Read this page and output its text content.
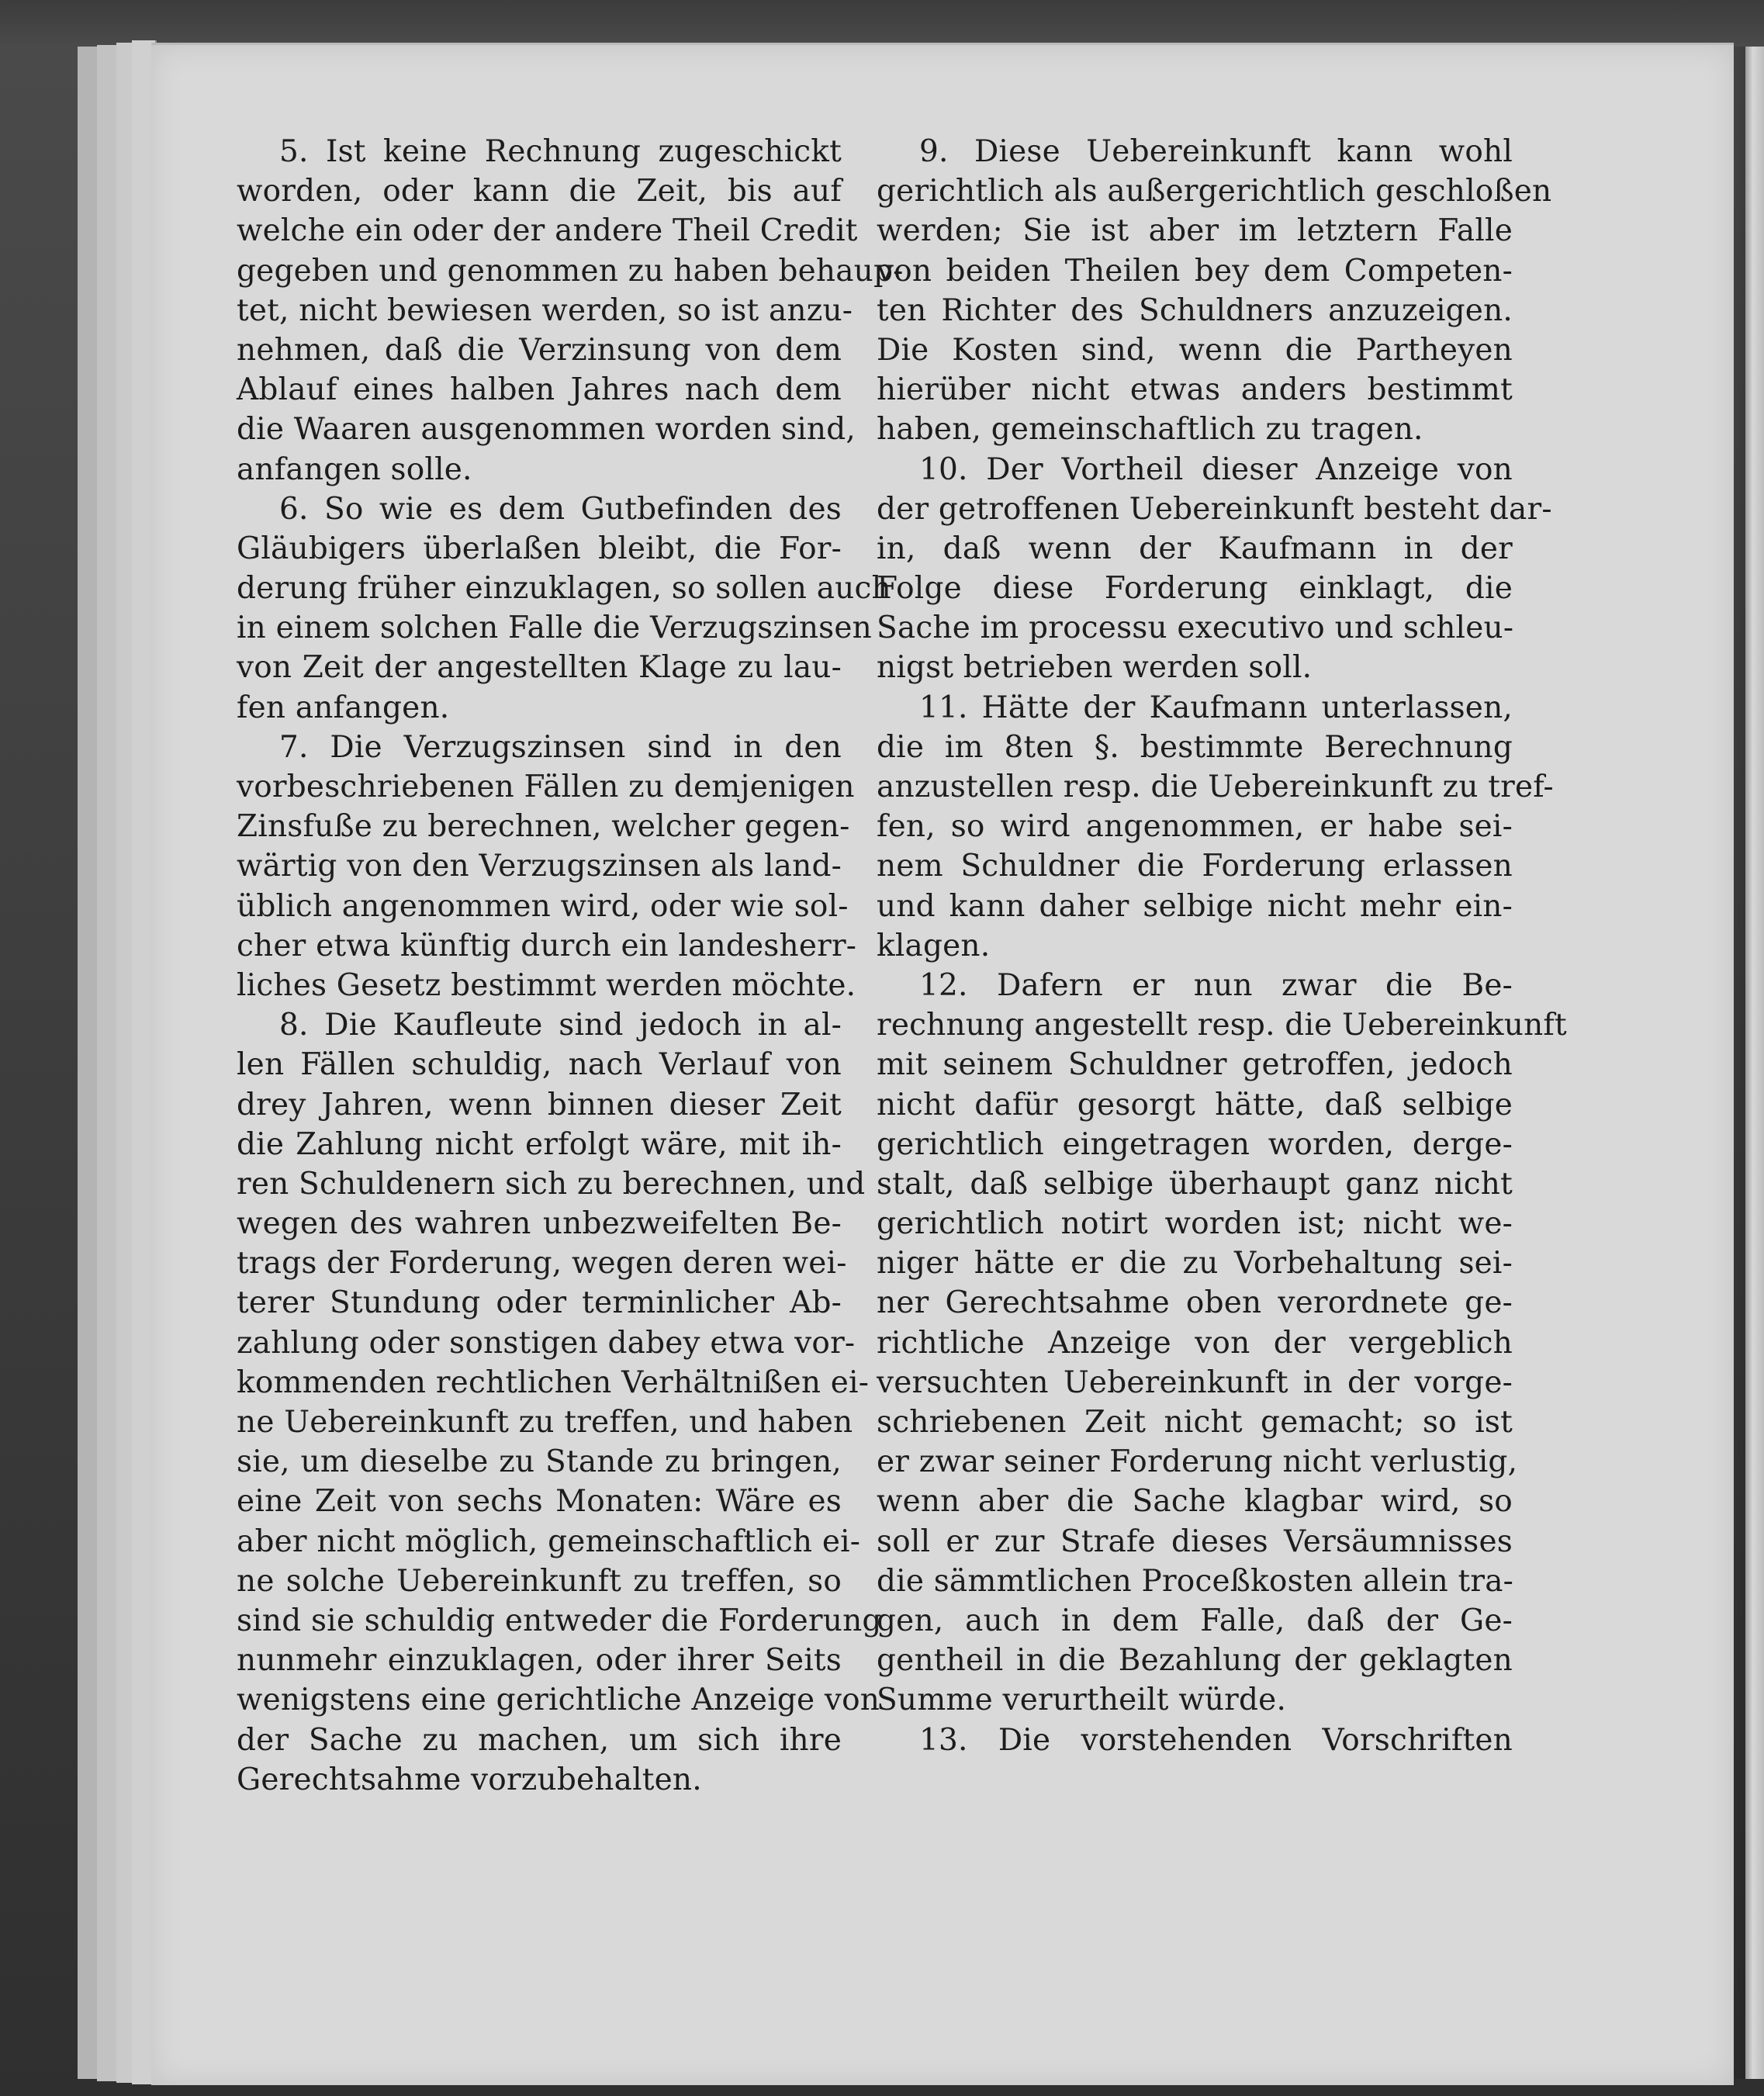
5. Ist keine Rechnung zugeschickt
worden, oder kann die Zeit, bis auf
welche ein oder der andere Theil Credit
gegeben und genommen zu haben behaup-
tet, nicht bewiesen werden, so ist anzu-
nehmen, daß die Verzinsung von dem
Ablauf eines halben Jahres nach dem
die Waaren ausgenommen worden sind,
anfangen solle.
6. So wie es dem Gutbefinden des
Gläubigers überlaßen bleibt, die For-
derung früher einzuklagen, so sollen auch
in einem solchen Falle die Verzugszinsen
von Zeit der angestellten Klage zu lau-
fen anfangen.
7. Die Verzugszinsen sind in den
vorbeschriebenen Fällen zu demjenigen
Zinsfuße zu berechnen, welcher gegen-
wärtig von den Verzugszinsen als land-
üblich angenommen wird, oder wie sol-
cher etwa künftig durch ein landesherr-
liches Gesetz bestimmt werden möchte.
8. Die Kaufleute sind jedoch in al-
len Fällen schuldig, nach Verlauf von
drey Jahren, wenn binnen dieser Zeit
die Zahlung nicht erfolgt wäre, mit ih-
ren Schuldenern sich zu berechnen, und
wegen des wahren unbezweifelten Be-
trags der Forderung, wegen deren wei-
terer Stundung oder terminlicher Ab-
zahlung oder sonstigen dabey etwa vor-
kommenden rechtlichen Verhältnißen ei-
ne Uebereinkunft zu treffen, und haben
sie, um dieselbe zu Stande zu bringen,
eine Zeit von sechs Monaten: Wäre es
aber nicht möglich, gemeinschaftlich ei-
ne solche Uebereinkunft zu treffen, so
sind sie schuldig entweder die Forderung
nunmehr einzuklagen, oder ihrer Seits
wenigstens eine gerichtliche Anzeige von
der Sache zu machen, um sich ihre
Gerechtsahme vorzubehalten.
9. Diese Uebereinkunft kann wohl
gerichtlich als außergerichtlich geschloßen
werden; Sie ist aber im letztern Falle
von beiden Theilen bey dem Competen-
ten Richter des Schuldners anzuzeigen.
Die Kosten sind, wenn die Partheyen
hierüber nicht etwas anders bestimmt
haben, gemeinschaftlich zu tragen.
10. Der Vortheil dieser Anzeige von
der getroffenen Uebereinkunft besteht dar-
in, daß wenn der Kaufmann in der
Folge diese Forderung einklagt, die
Sache im processu executivo und schleu-
nigst betrieben werden soll.
11. Hätte der Kaufmann unterlassen,
die im 8ten §. bestimmte Berechnung
anzustellen resp. die Uebereinkunft zu tref-
fen, so wird angenommen, er habe sei-
nem Schuldner die Forderung erlassen
und kann daher selbige nicht mehr ein-
klagen.
12. Dafern er nun zwar die Be-
rechnung angestellt resp. die Uebereinkunft
mit seinem Schuldner getroffen, jedoch
nicht dafür gesorgt hätte, daß selbige
gerichtlich eingetragen worden, derge-
stalt, daß selbige überhaupt ganz nicht
gerichtlich notirt worden ist; nicht we-
niger hätte er die zu Vorbehaltung sei-
ner Gerechtsahme oben verordnete ge-
richtliche Anzeige von der vergeblich
versuchten Uebereinkunft in der vorge-
schriebenen Zeit nicht gemacht; so ist
er zwar seiner Forderung nicht verlustig,
wenn aber die Sache klagbar wird, so
soll er zur Strafe dieses Versäumnisses
die sämmtlichen Proceßkosten allein tra-
gen, auch in dem Falle, daß der Ge-
gentheil in die Bezahlung der geklagten
Summe verurtheilt würde.
13. Die vorstehenden Vorschriften
